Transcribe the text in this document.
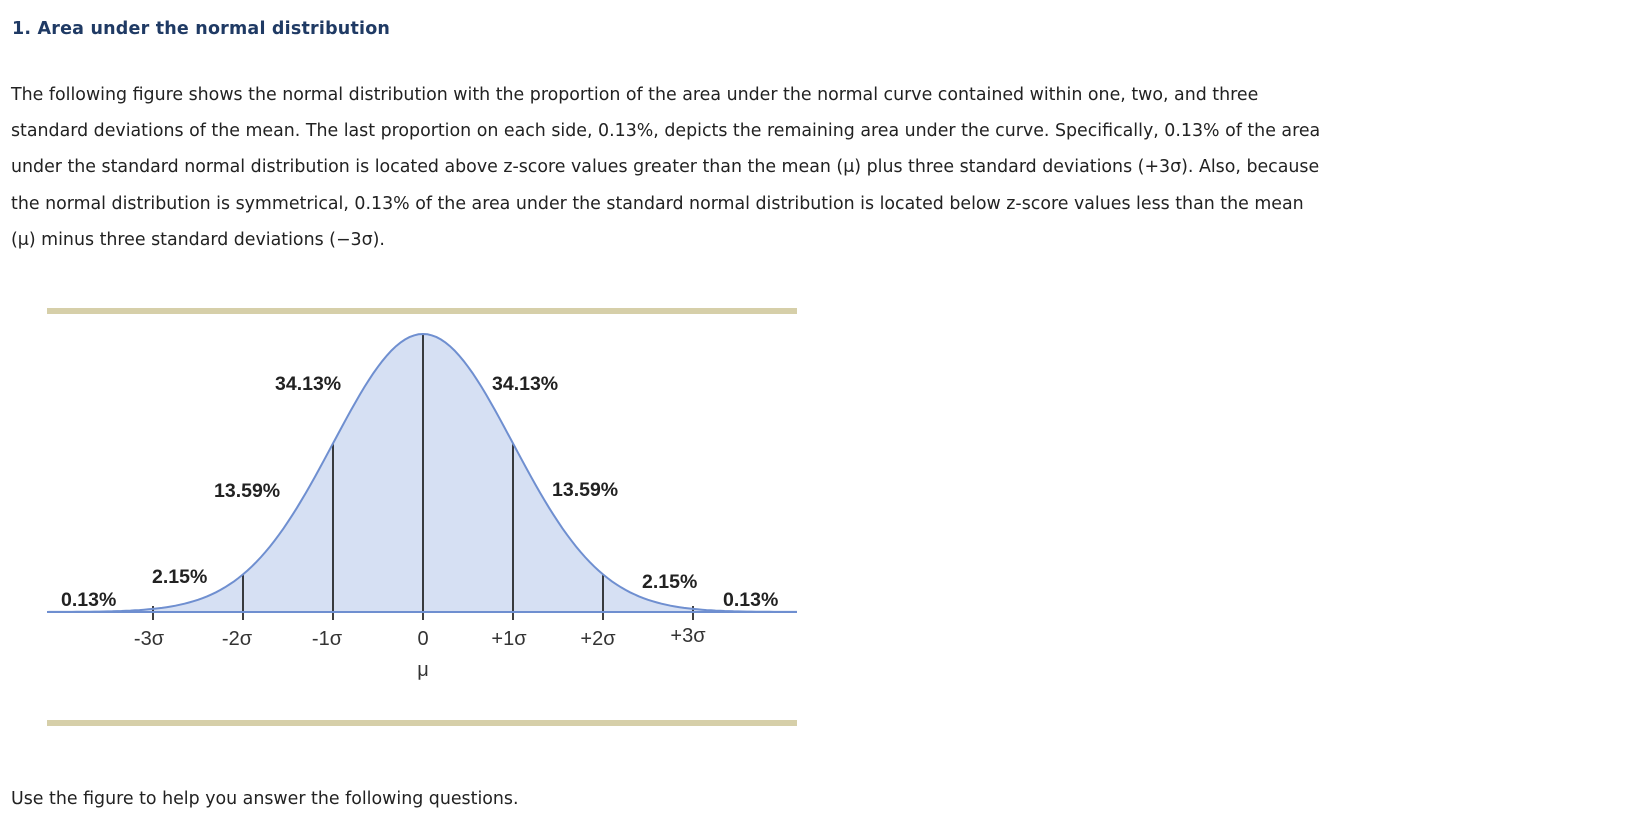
1. Area under the normal distribution
The following figure shows the normal distribution with the proportion of the area under the normal curve contained within one, two, and three
standard deviations of the mean. The last proportion on each side, 0.13%, depicts the remaining area under the curve. Specifically, 0.13% of the area
under the standard normal distribution is located above z-score values greater than the mean (μ) plus three standard deviations (+3σ). Also, because
the normal distribution is symmetrical, 0.13% of the area under the standard normal distribution is located below z-score values less than the mean
(μ) minus three standard deviations (−3σ).
0.13%
2.15%
13.59%
34.13%	34.13%
13.59%
2.15%
0.13%
-3σ	-2σ	-1σ	0	+1σ	+2σ	+3σ
μ
Use the figure to help you answer the following questions.
